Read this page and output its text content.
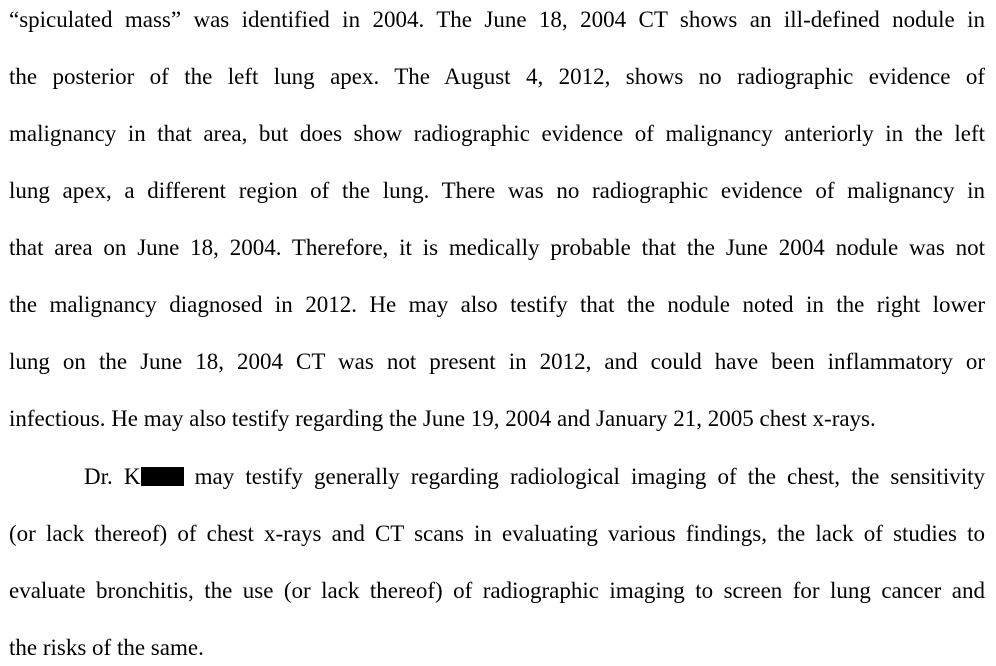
“spiculated mass” was identified in 2004. The June 18, 2004 CT shows an ill-defined nodule in
the posterior of the left lung apex. The August 4, 2012, shows no radiographic evidence of
malignancy in that area, but does show radiographic evidence of malignancy anteriorly in the left
lung apex, a different region of the lung. There was no radiographic evidence of malignancy in
that area on June 18, 2004. Therefore, it is medically probable that the June 2004 nodule was not
the malignancy diagnosed in 2012. He may also testify that the nodule noted in the right lower
lung on the June 18, 2004 CT was not present in 2012, and could have been inflammatory or
infectious. He may also testify regarding the June 19, 2004 and January 21, 2005 chest x-rays.
Dr. K may testify generally regarding radiological imaging of the chest, the sensitivity
(or lack thereof) of chest x-rays and CT scans in evaluating various findings, the lack of studies to
evaluate bronchitis, the use (or lack thereof) of radiographic imaging to screen for lung cancer and
the risks of the same.
